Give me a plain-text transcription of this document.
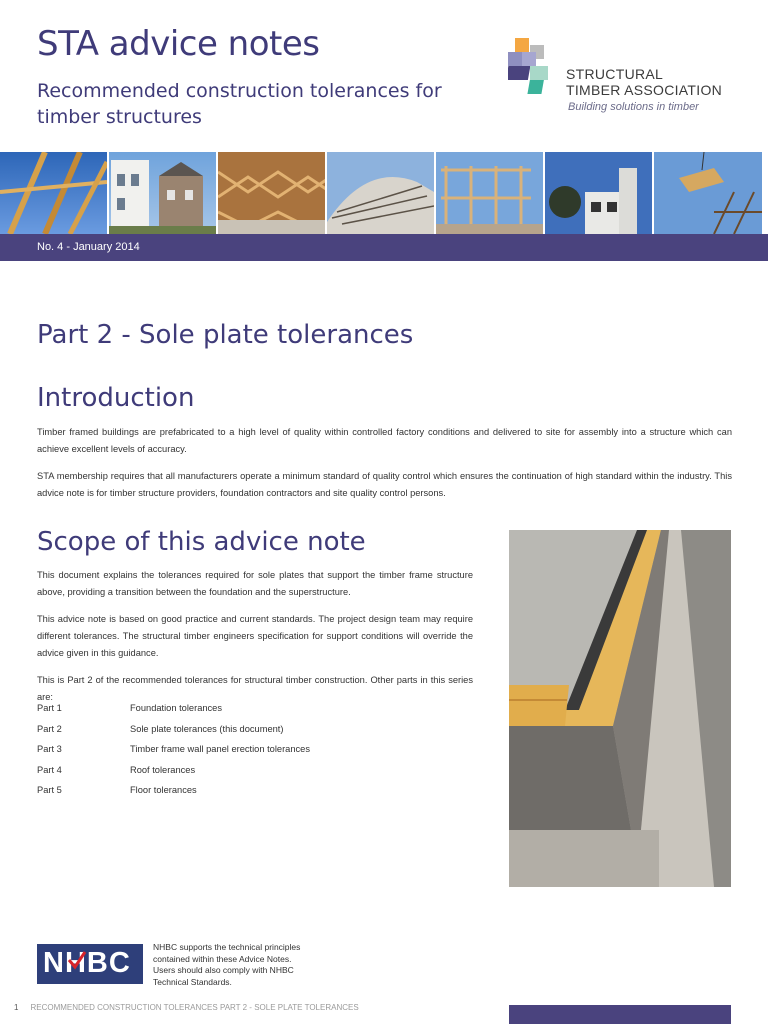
STA advice notes

Recommended construction tolerances for timber structures

STRUCTURAL
TIMBER ASSOCIATION
Building solutions in timber
No. 4 - January 2014
Part 2 - Sole plate tolerances
Introduction

Timber framed buildings are prefabricated to a high level of quality within controlled factory conditions and delivered to site for assembly into a structure which can achieve excellent levels of accuracy.

STA membership requires that all manufacturers operate a minimum standard of quality control which ensures the continuation of high standard within the industry. This advice note is for timber structure providers, foundation contractors and site quality control persons.

Scope of this advice note

This document explains the tolerances required for sole plates that support the timber frame structure above, providing a transition between the foundation and the superstructure.

This advice note is based on good practice and current standards. The project design team may require different tolerances. The structural timber engineers specification for support conditions will override the advice given in this guidance.

This is Part 2 of the recommended tolerances for structural timber construction. Other parts in this series are:

Part 1	Foundation tolerances
Part 2	Sole plate tolerances (this document)
Part 3	Timber frame wall panel erection tolerances
Part 4	Roof tolerances
Part 5	Floor tolerances
NHBC	NHBC supports the technical principles contained within these Advice Notes. Users should also comply with NHBC Technical Standards.

1 RECOMMENDED CONSTRUCTION TOLERANCES PART 2 - SOLE PLATE TOLERANCES
